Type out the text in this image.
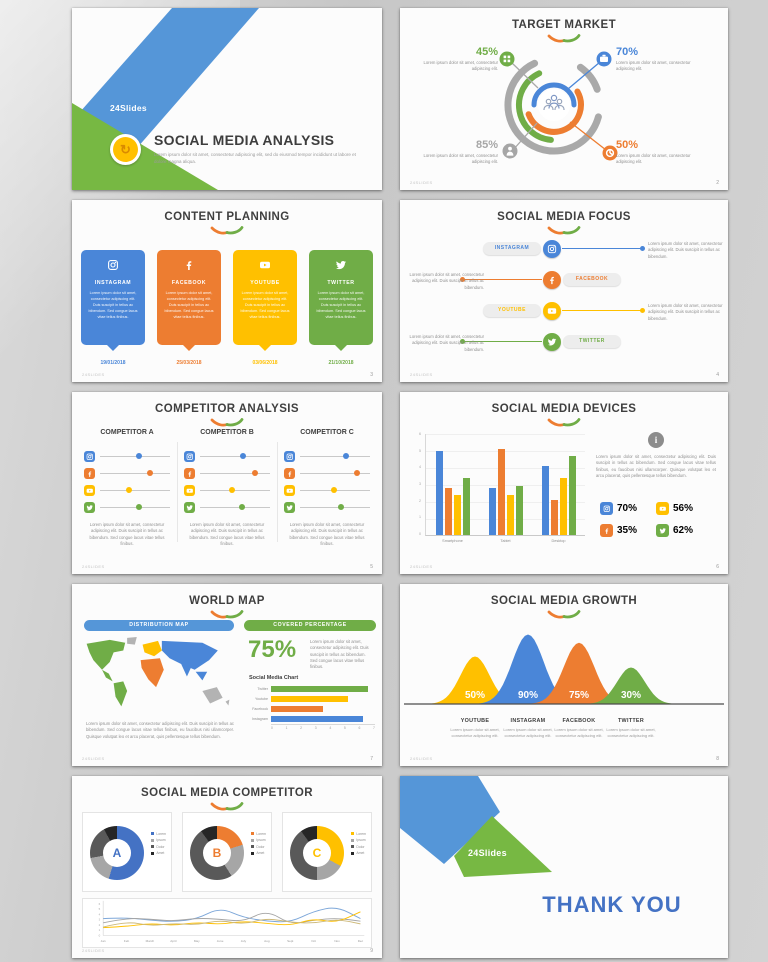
24Slides
↻
SOCIAL MEDIA ANALYSIS

Lorem ipsum dolor sit amet, consectetur adipiscing elit, sed do eiusmod tempor incididunt ut labore et dolore magna aliqua.

TARGET MARKET
45%
Lorem ipsum dolor sit amet, consectetur adipiscing elit.
70%
Lorem ipsum dolor sit amet, consectetur adipiscing elit.
85%
Lorem ipsum dolor sit amet, consectetur adipiscing elit.
50%
Lorem ipsum dolor sit amet, consectetur adipiscing elit.
24SLIDES	2
CONTENT PLANNING
INSTAGRAM
Lorem ipsum dolor sit amet, consectetur adipiscing elit. Duis suscipit in tellus ac bibendum. Sed congue lacus vitae tellus finibus.
FACEBOOK
Lorem ipsum dolor sit amet, consectetur adipiscing elit. Duis suscipit in tellus ac bibendum. Sed congue lacus vitae tellus finibus.
YOUTUBE
Lorem ipsum dolor sit amet, consectetur adipiscing elit. Duis suscipit in tellus ac bibendum. Sed congue lacus vitae tellus finibus.
TWITTER
Lorem ipsum dolor sit amet, consectetur adipiscing elit. Duis suscipit in tellus ac bibendum. Sed congue lacus vitae tellus finibus.
19/01/2018	25/03/2018	03/06/2018	21/10/2018
24SLIDES	3
SOCIAL MEDIA FOCUS
INSTAGRAM
Lorem ipsum dolor sit amet, consectetur adipiscing elit. Duis suscipit in tellus ac bibendum.
FACEBOOK
Lorem ipsum dolor sit amet, consectetur adipiscing elit. Duis suscipit in tellus ac bibendum.
YOUTUBE
Lorem ipsum dolor sit amet, consectetur adipiscing elit. Duis suscipit in tellus ac bibendum.
TWITTER
Lorem ipsum dolor sit amet, consectetur adipiscing elit. Duis suscipit in tellus ac bibendum.
24SLIDES	4
COMPETITOR ANALYSIS
COMPETITOR A	COMPETITOR B	COMPETITOR C
Lorem ipsum dolor sit amet, consectetur adipiscing elit. Duis suscipit in tellus ac bibendum. Sed congue lacus vitae tellus finibus.
Lorem ipsum dolor sit amet, consectetur adipiscing elit. Duis suscipit in tellus ac bibendum. Sed congue lacus vitae tellus finibus.
Lorem ipsum dolor sit amet, consectetur adipiscing elit. Duis suscipit in tellus ac bibendum. Sed congue lacus vitae tellus finibus.
24SLIDES	5
SOCIAL MEDIA DEVICES
6
5
4
3
2
1
0
Smartphone	Tablet	Desktop
i
Lorem ipsum dolor sit amet, consectetur adipiscing elit. Duis suscipit in tellus ac bibendum. Sed congue lacus vitae tellus finibus, eu faucibus nisi ullamcorper. Quisque volutpat leo et arcu placerat, quis pellentesque tellus bibendum.
70%	56%
35%	62%
24SLIDES	6
WORLD MAP
DISTRIBUTION MAP	COVERED PERCENTAGE
Lorem ipsum dolor sit amet, consectetur adipiscing elit. Duis suscipit in tellus ac bibendum. Sed congue lacus vitae tellus finibus, eu faucibus nisi ullamcorper. Quisque volutpat leo et arcu placerat, quis pellentesque tellus bibendum.
75%	Lorem ipsum dolor sit amet, consectetur adipiscing elit. Duis suscipit in tellus ac bibendum. Sed congue lacus vitae tellus finibus.
Social Media Chart
Twitter
Youtube
Facebook
Instagram
0	1	2	3	4	5	6	7
24SLIDES	7
SOCIAL MEDIA GROWTH
50%	90%	75%	30%
YOUTUBE
Lorem ipsum dolor sit amet, consectetur adipiscing elit.
INSTAGRAM
Lorem ipsum dolor sit amet, consectetur adipiscing elit.
FACEBOOK
Lorem ipsum dolor sit amet, consectetur adipiscing elit.
TWITTER
Lorem ipsum dolor sit amet, consectetur adipiscing elit.
24SLIDES	8
SOCIAL MEDIA COMPETITOR
A
Lorem
Ipsum
Dolor
Amet	B
Lorem
Ipsum
Dolor
Amet	C
Lorem
Ipsum
Dolor
Amet
Jan	Feb	March	April	May	June	July	Aug	Sept	Oct	Nov	Dec
0
1
2
3
4
5
6
24SLIDES	9
24Slides
THANK YOU
